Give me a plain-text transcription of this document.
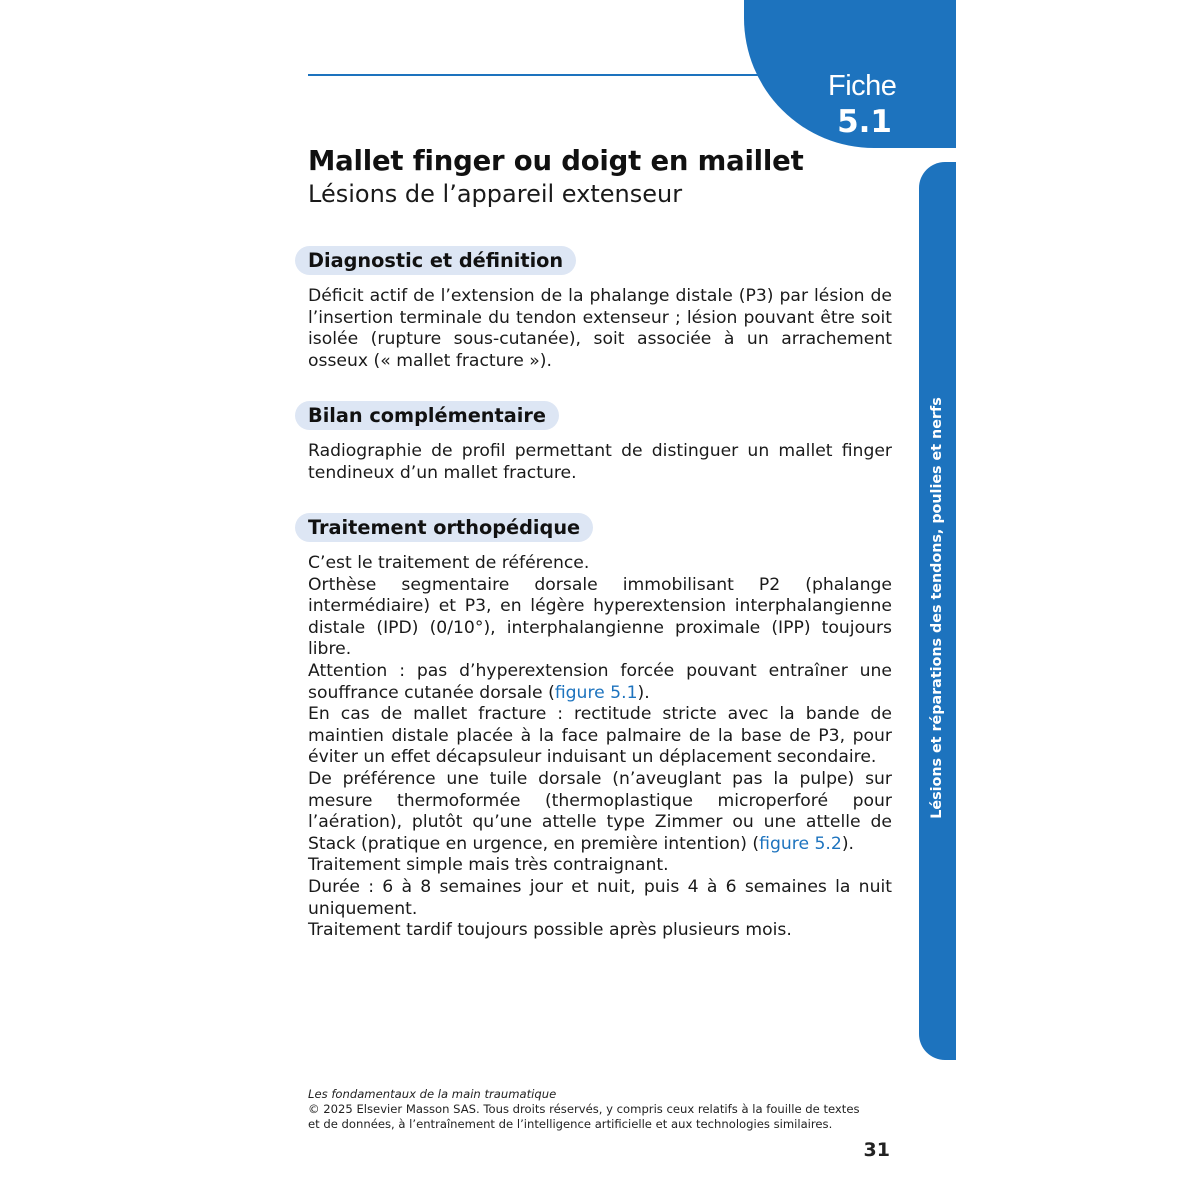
Fiche
5.1
Lésions et réparations des tendons, poulies et nerfs
Mallet finger ou doigt en maillet
Lésions de l’appareil extenseur
Diagnostic et définition

Déficit actif de l’extension de la phalange distale (P3) par lésion de l’insertion terminale du tendon extenseur ; lésion pouvant être soit isolée (rupture sous-cutanée), soit associée à un arrachement osseux (« mallet fracture »).

Bilan complémentaire

Radiographie de profil permettant de distinguer un mallet finger tendineux d’un mallet fracture.

Traitement orthopédique
C’est le traitement de référence.
Orthèse segmentaire dorsale immobilisant P2 (phalange intermédiaire) et P3, en légère hyperextension interphalangienne distale (IPD) (0/10°), interphalangienne proximale (IPP) toujours libre.
Attention : pas d’hyperextension forcée pouvant entraîner une souffrance cutanée dorsale (figure 5.1).
En cas de mallet fracture : rectitude stricte avec la bande de maintien distale placée à la face palmaire de la base de P3, pour éviter un effet décapsuleur induisant un déplacement secondaire.
De préférence une tuile dorsale (n’aveuglant pas la pulpe) sur mesure thermoformée (thermoplastique microperforé pour l’aération), plutôt qu’une attelle type Zimmer ou une attelle de Stack (pratique en urgence, en première intention) (figure 5.2).
Traitement simple mais très contraignant.
Durée : 6 à 8 semaines jour et nuit, puis 4 à 6 semaines la nuit uniquement.
Traitement tardif toujours possible après plusieurs mois.
Les fondamentaux de la main traumatique
© 2025 Elsevier Masson SAS. Tous droits réservés, y compris ceux relatifs à la fouille de textes et de données, à l’entraînement de l’intelligence artificielle et aux technologies similaires.
31
